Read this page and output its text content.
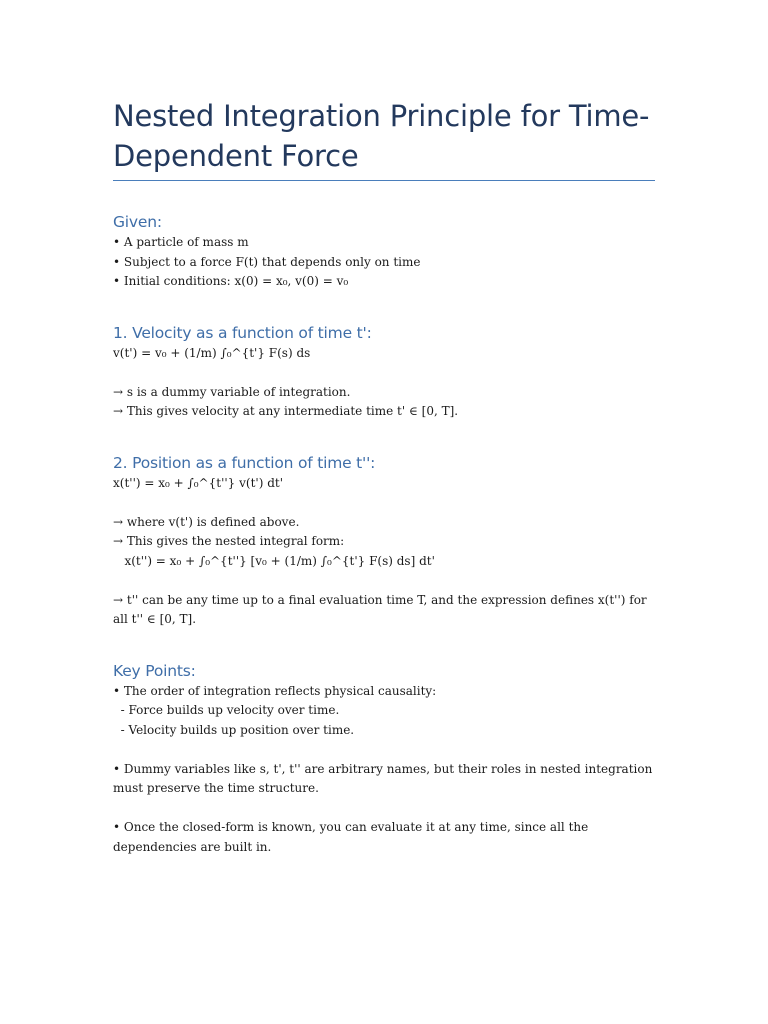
Nested Integration Principle for Time-Dependent Force
Given:

• A particle of mass m

• Subject to a force F(t) that depends only on time

• Initial conditions: x(0) = x₀, v(0) = v₀

1. Velocity as a function of time t':

v(t') = v₀ + (1/m) ∫₀^{t'} F(s) ds

→ s is a dummy variable of integration.

→ This gives velocity at any intermediate time t' ∈ [0, T].

2. Position as a function of time t'':

x(t'') = x₀ + ∫₀^{t''} v(t') dt'

→ where v(t') is defined above.

→ This gives the nested integral form:

x(t'') = x₀ + ∫₀^{t''} [v₀ + (1/m) ∫₀^{t'} F(s) ds] dt'

→ t'' can be any time up to a final evaluation time T, and the expression defines x(t'') for all t'' ∈ [0, T].

Key Points:

• The order of integration reflects physical causality:

- Force builds up velocity over time.

- Velocity builds up position over time.

• Dummy variables like s, t', t'' are arbitrary names, but their roles in nested integration must preserve the time structure.

• Once the closed-form is known, you can evaluate it at any time, since all the dependencies are built in.
